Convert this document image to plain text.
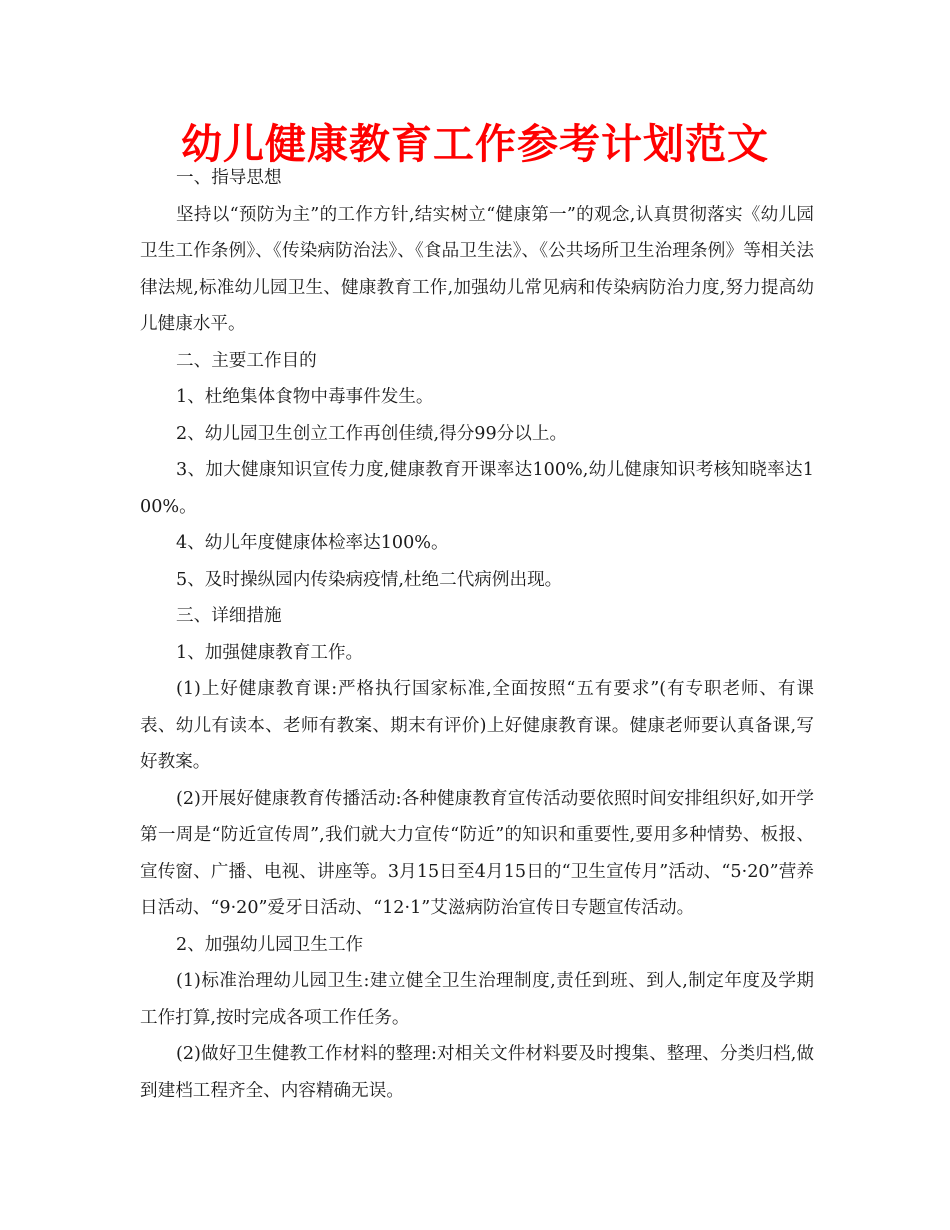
幼儿健康教育工作参考计划范文

一、指导思想

坚持以“预防为主”的工作方针,结实树立“健康第一”的观念,认真贯彻落实《幼儿园卫生工作条例》、《传染病防治法》、《食品卫生法》、《公共场所卫生治理条例》等相关法律法规,标准幼儿园卫生、健康教育工作,加强幼儿常见病和传染病防治力度,努力提高幼儿健康水平。

二、主要工作目的

1、杜绝集体食物中毒事件发生。

2、幼儿园卫生创立工作再创佳绩,得分99分以上。

3、加大健康知识宣传力度,健康教育开课率达100%,幼儿健康知识考核知晓率达100%。

4、幼儿年度健康体检率达100%。

5、及时操纵园内传染病疫情,杜绝二代病例出现。

三、详细措施

1、加强健康教育工作。

(1)上好健康教育课:严格执行国家标准,全面按照“五有要求”(有专职老师、有课表、幼儿有读本、老师有教案、期末有评价)上好健康教育课。健康老师要认真备课,写好教案。

(2)开展好健康教育传播活动:各种健康教育宣传活动要依照时间安排组织好,如开学第一周是“防近宣传周”,我们就大力宣传“防近”的知识和重要性,要用多种情势、板报、宣传窗、广播、电视、讲座等。3月15日至4月15日的“卫生宣传月”活动、“5·20”营养日活动、“9·20”爱牙日活动、“12·1”艾滋病防治宣传日专题宣传活动。

2、加强幼儿园卫生工作

(1)标准治理幼儿园卫生:建立健全卫生治理制度,责任到班、到人,制定年度及学期工作打算,按时完成各项工作任务。

(2)做好卫生健教工作材料的整理:对相关文件材料要及时搜集、整理、分类归档,做到建档工程齐全、内容精确无误。
